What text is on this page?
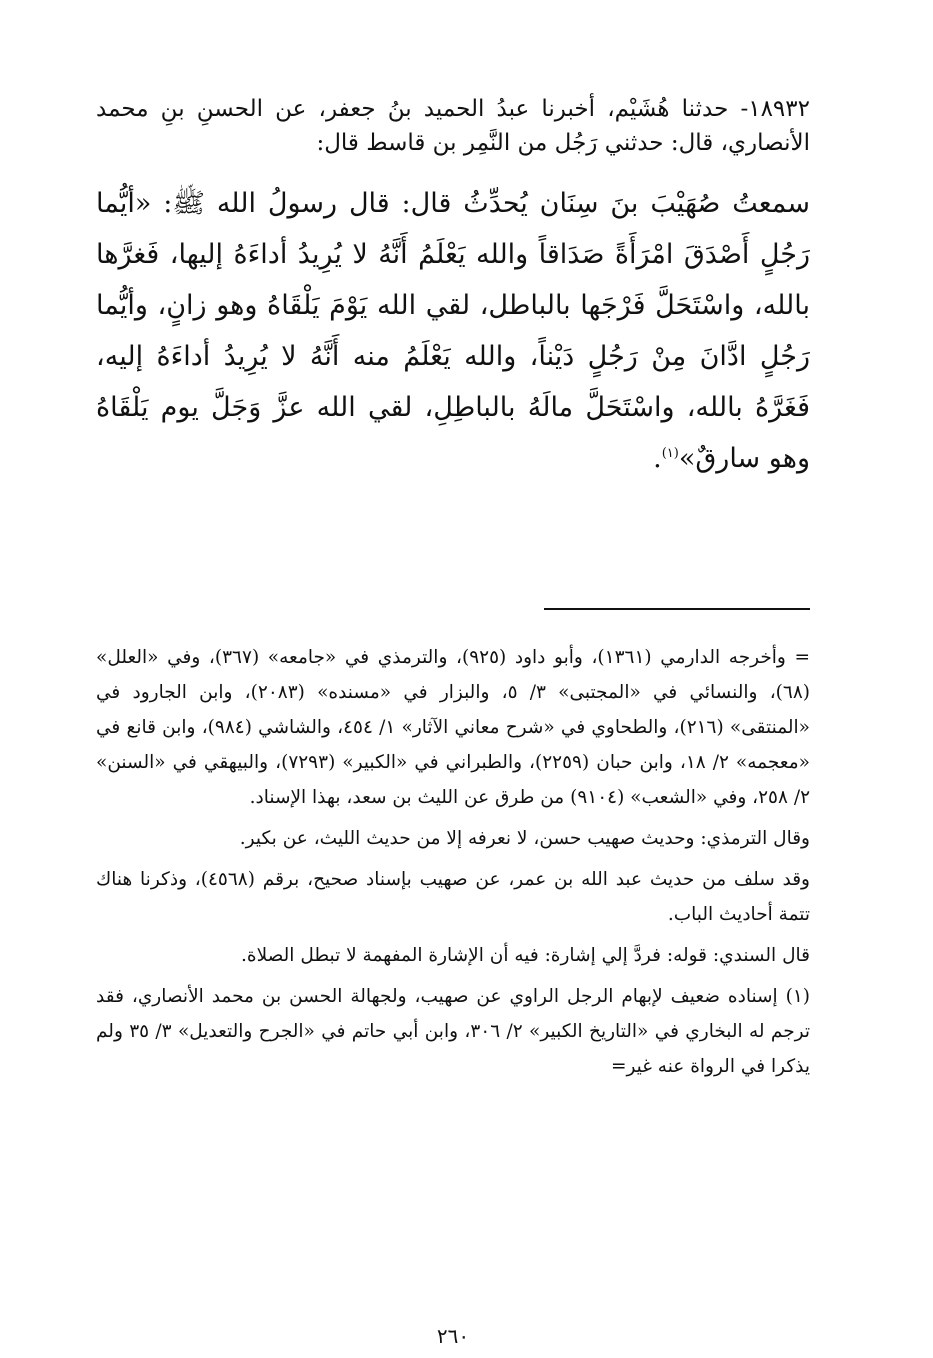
١٨٩٣٢- حدثنا هُشَيْم، أخبرنا عبدُ الحميد بنُ جعفر، عن الحسنِ بنِ محمد الأنصاري، قال: حدثني رَجُل من النَّمِر بن قاسط قال:

سمعتُ صُهَيْبَ بنَ سِنَان يُحدِّثُ قال: قال رسولُ الله ﷺ: «أيُّما رَجُلٍ أَصْدَقَ امْرَأَةً صَدَاقاً والله يَعْلَمُ أَنَّهُ لا يُرِيدُ أداءَهُ إليها، فَغرَّها بالله، واسْتَحَلَّ فَرْجَها بالباطل، لقي الله يَوْمَ يَلْقَاهُ وهو زانٍ، وأيُّما رَجُلٍ ادَّانَ مِنْ رَجُلٍ دَيْناً، والله يَعْلَمُ منه أَنَّهُ لا يُرِيدُ أداءَهُ إليه، فَغَرَّهُ بالله، واسْتَحَلَّ مالَهُ بالباطِلِ، لقي الله عزَّ وَجَلَّ يوم يَلْقَاهُ وهو سارقٌ»$^{(١)}$.

= وأخرجه الدارمي (١٣٦١)، وأبو داود (٩٢٥)، والترمذي في «جامعه» (٣٦٧)، وفي «العلل» (٦٨)، والنسائي في «المجتبى» ٣/ ٥، والبزار في «مسنده» (٢٠٨٣)، وابن الجارود في «المنتقى» (٢١٦)، والطحاوي في «شرح معاني الآثار» ١/ ٤٥٤، والشاشي (٩٨٤)، وابن قانع في «معجمه» ٢/ ١٨، وابن حبان (٢٢٥٩)، والطبراني في «الكبير» (٧٢٩٣)، والبيهقي في «السنن» ٢/ ٢٥٨، وفي «الشعب» (٩١٠٤) من طرق عن الليث بن سعد، بهذا الإسناد.

وقال الترمذي: وحديث صهيب حسن، لا نعرفه إلا من حديث الليث، عن بكير.

وقد سلف من حديث عبد الله بن عمر، عن صهيب بإسناد صحيح، برقم (٤٥٦٨)، وذكرنا هناك تتمة أحاديث الباب.

قال السندي: قوله: فردَّ إلي إشارة: فيه أن الإشارة المفهمة لا تبطل الصلاة.

(١) إسناده ضعيف لإبهام الرجل الراوي عن صهيب، ولجهالة الحسن بن محمد الأنصاري، فقد ترجم له البخاري في «التاريخ الكبير» ٢/ ٣٠٦، وابن أبي حاتم في «الجرح والتعديل» ٣/ ٣٥ ولم يذكرا في الرواة عنه غير=

٢٦٠
